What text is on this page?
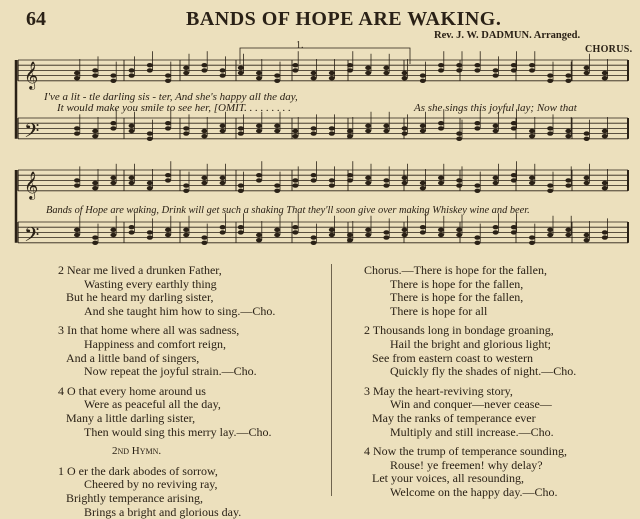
64	BANDS OF HOPE ARE WAKING.
Rev. J. W. DADMUN. Arranged.
CHORUS.
𝄞
𝄢
𝄞
𝄢
1.
I've a lit - tle darling sis - ter, And she's happy all the day,
It would make you smile to see her, [OMIT. . . . . . . . .	As she sings this joyful lay; Now that
Bands of Hope are waking, Drink will get such a shaking That they'll soon give over making Whiskey wine and beer.
2 Near me lived a drunken Father,
Wasting every earthly thing
But he heard my darling sister,
And she taught him how to sing.—Cho.
3 In that home where all was sadness,
Happiness and comfort reign,
And a little band of singers,
Now repeat the joyful strain.—Cho.
4 O that every home around us
Were as peaceful all the day,
Many a little darling sister,
Then would sing this merry lay.—Cho.
2nd Hymn.
1 O er the dark abodes of sorrow,
Cheered by no reviving ray,
Brightly temperance arising,
Brings a bright and glorious day.
Chorus.—There is hope for the fallen,
There is hope for the fallen,
There is hope for the fallen,
There is hope for all
2 Thousands long in bondage groaning,
Hail the bright and glorious light;
See from eastern coast to western
Quickly fly the shades of night.—Cho.
3 May the heart-reviving story,
Win and conquer—never cease—
May the ranks of temperance ever
Multiply and still increase.—Cho.
4 Now the trump of temperance sounding,
Rouse! ye freemen! why delay?
Let your voices, all resounding,
Welcome on the happy day.—Cho.
